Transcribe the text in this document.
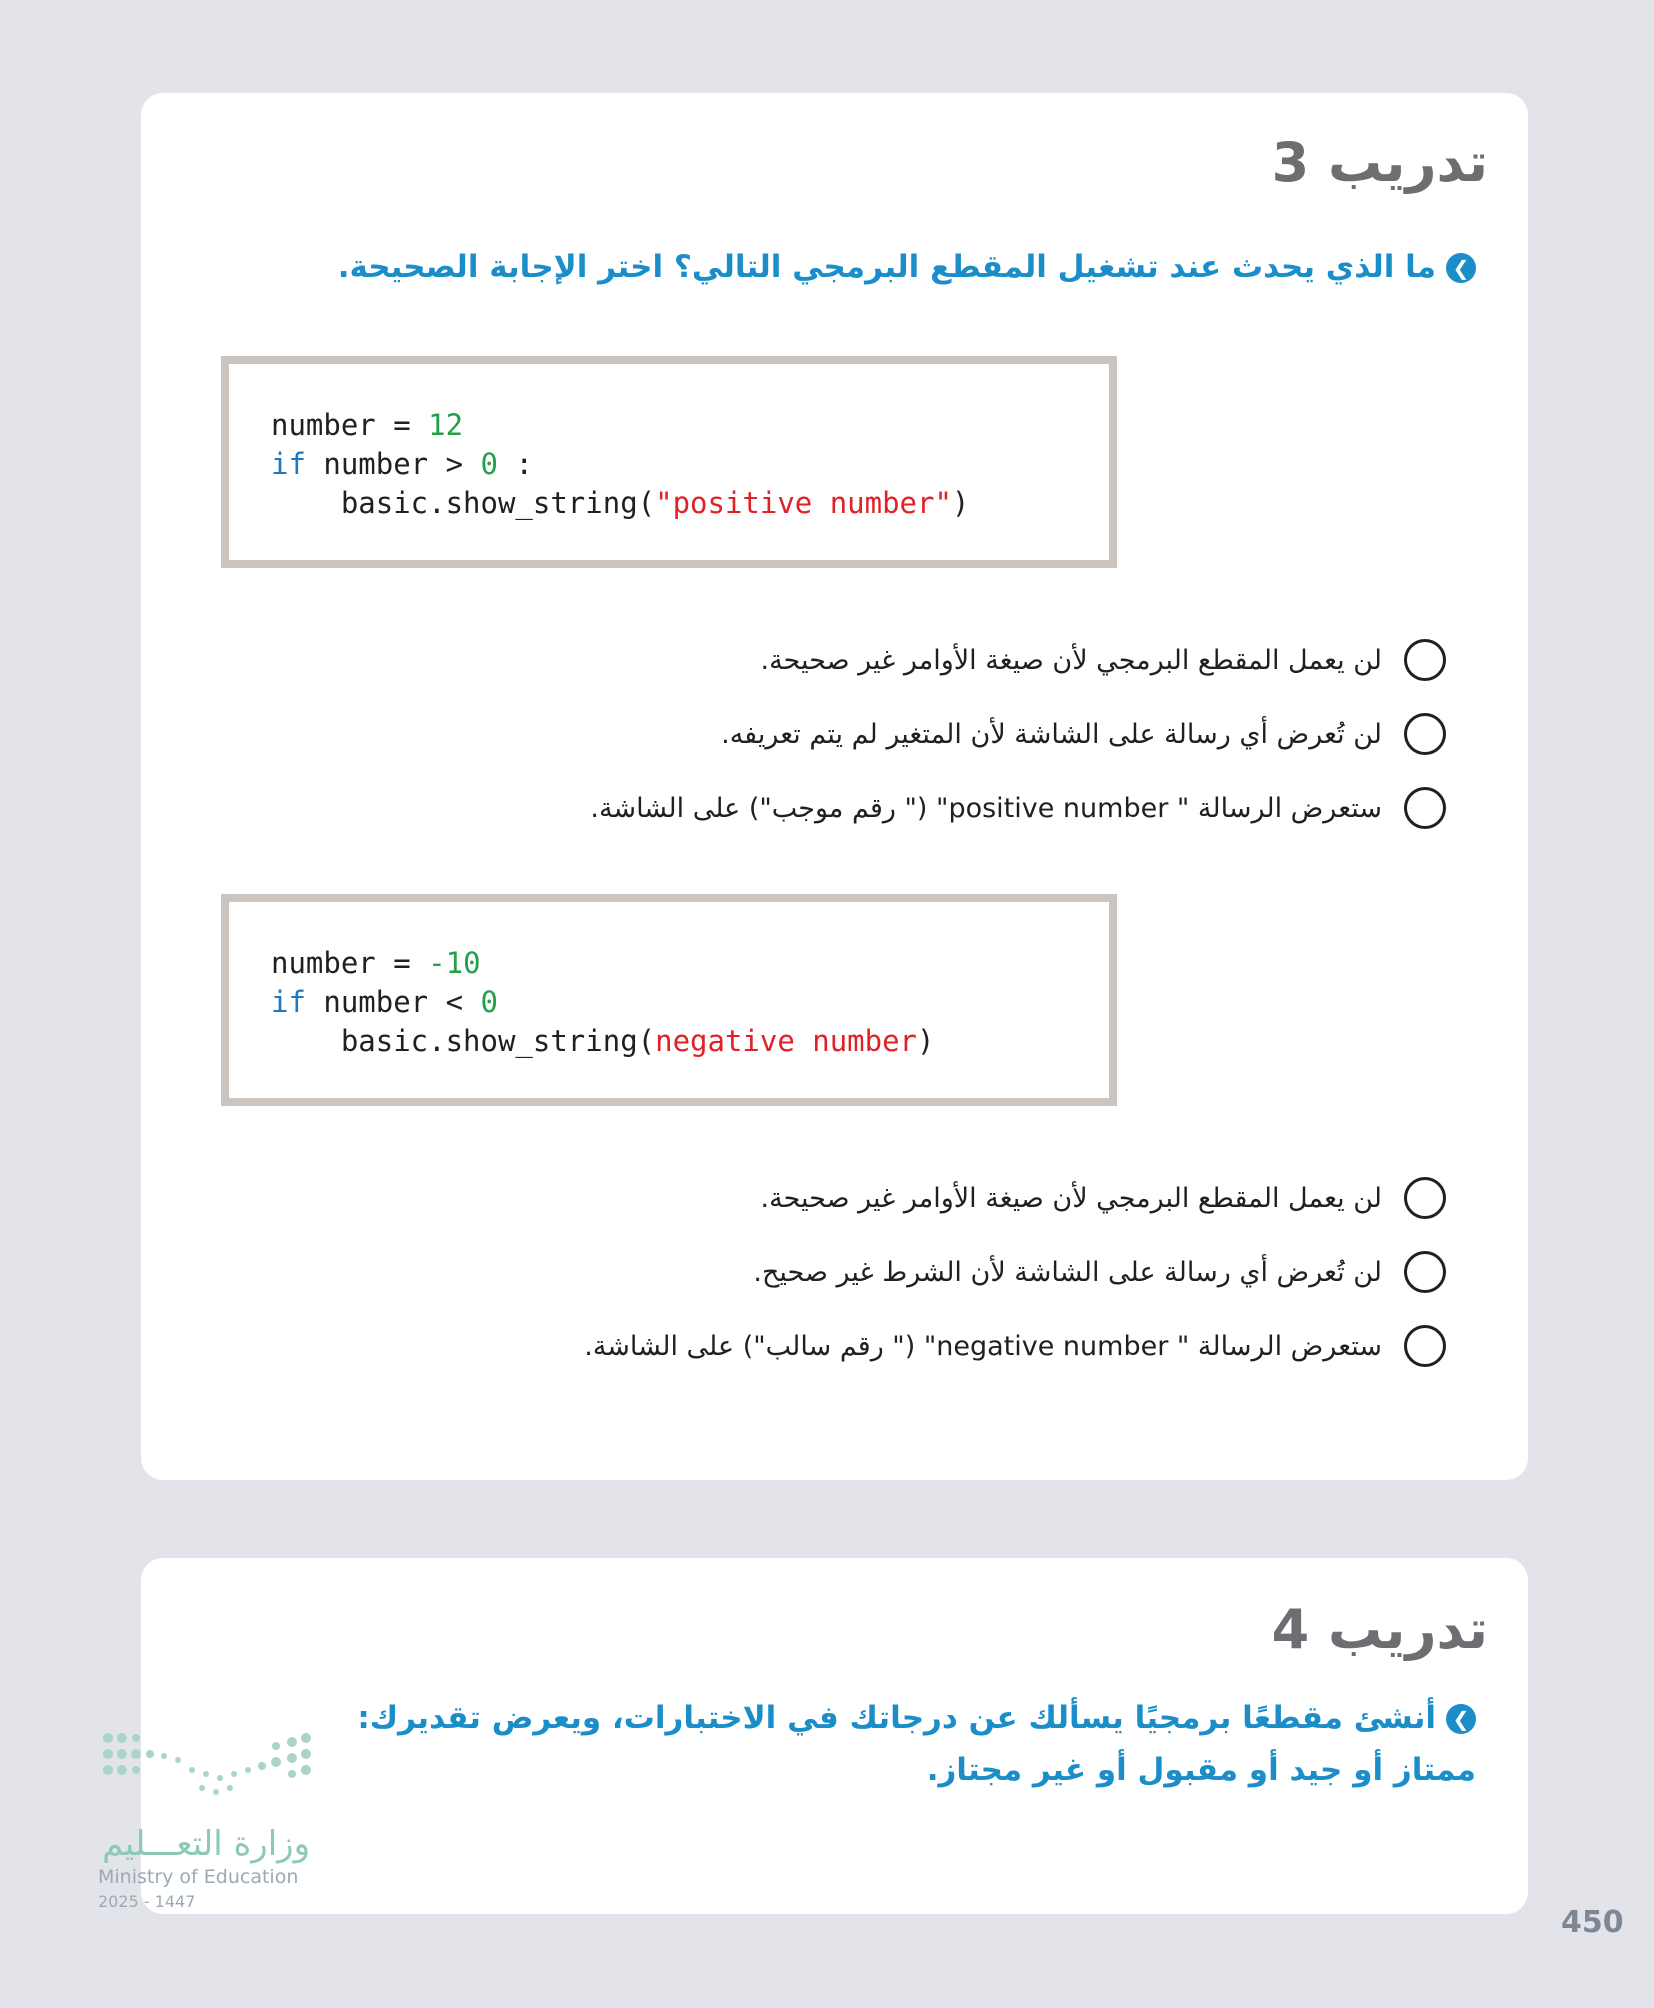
تدريب 3
❯ما الذي يحدث عند تشغيل المقطع البرمجي التالي؟ اختر الإجابة الصحيحة.
number = 12
if number > 0 :
basic.show_string("positive number")
لن يعمل المقطع البرمجي لأن صيغة الأوامر غير صحيحة.
لن تُعرض أي رسالة على الشاشة لأن المتغير لم يتم تعريفه.
ستعرض الرسالة " positive number" (" رقم موجب") على الشاشة.
number = -10
if number < 0
basic.show_string(negative number)
لن يعمل المقطع البرمجي لأن صيغة الأوامر غير صحيحة.
لن تُعرض أي رسالة على الشاشة لأن الشرط غير صحيح.
ستعرض الرسالة " negative number" (" رقم سالب") على الشاشة.
تدريب 4
❯أنشئ مقطعًا برمجيًا يسألك عن درجاتك في الاختبارات، ويعرض تقديرك: ممتاز أو جيد أو مقبول أو غير مجتاز.
وزارة التعـــليم
Ministry of Education
2025 - 1447
450
